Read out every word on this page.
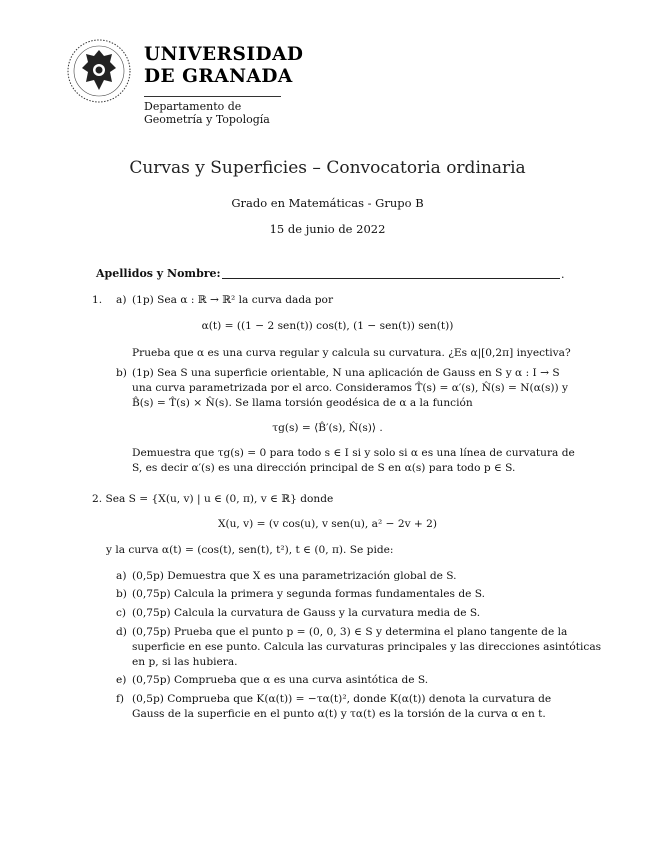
UNIVERSIDAD
DE GRANADA
Departamento de
Geometría y Topología
Curvas y Superficies – Convocatoria ordinaria
Grado en Matemáticas - Grupo B
15 de junio de 2022
Apellidos y Nombre:	.
1. a) (1p) Sea α : ℝ → ℝ² la curva dada por
α(t) = ((1 − 2 sen(t)) cos(t), (1 − sen(t)) sen(t))
Prueba que α es una curva regular y calcula su curvatura. ¿Es α|[0,2π] inyectiva?
b) (1p) Sea S una superficie orientable, N una aplicación de Gauss en S y α : I → S
una curva parametrizada por el arco. Consideramos T̂(s) = α′(s), N̂(s) = N(α(s)) y
B̂(s) = T̂(s) × N̂(s). Se llama torsión geodésica de α a la función
τg(s) = ⟨B̂′(s), N̂(s)⟩ .
Demuestra que τg(s) = 0 para todo s ∈ I si y solo si α es una línea de curvatura de
S, es decir α′(s) es una dirección principal de S en α(s) para todo p ∈ S.
2. Sea S = {X(u, v) | u ∈ (0, π), v ∈ ℝ} donde
X(u, v) = (v cos(u), v sen(u), a² − 2v + 2)
y la curva α(t) = (cos(t), sen(t), t²), t ∈ (0, π). Se pide:
a) (0,5p) Demuestra que X es una parametrización global de S.
b) (0,75p) Calcula la primera y segunda formas fundamentales de S.
c) (0,75p) Calcula la curvatura de Gauss y la curvatura media de S.
d) (0,75p) Prueba que el punto p = (0, 0, 3) ∈ S y determina el plano tangente de la
superficie en ese punto. Calcula las curvaturas principales y las direcciones asintóticas
en p, si las hubiera.
e) (0,75p) Comprueba que α es una curva asintótica de S.
f) (0,5p) Comprueba que K(α(t)) = −τα(t)², donde K(α(t)) denota la curvatura de
Gauss de la superficie en el punto α(t) y τα(t) es la torsión de la curva α en t.
